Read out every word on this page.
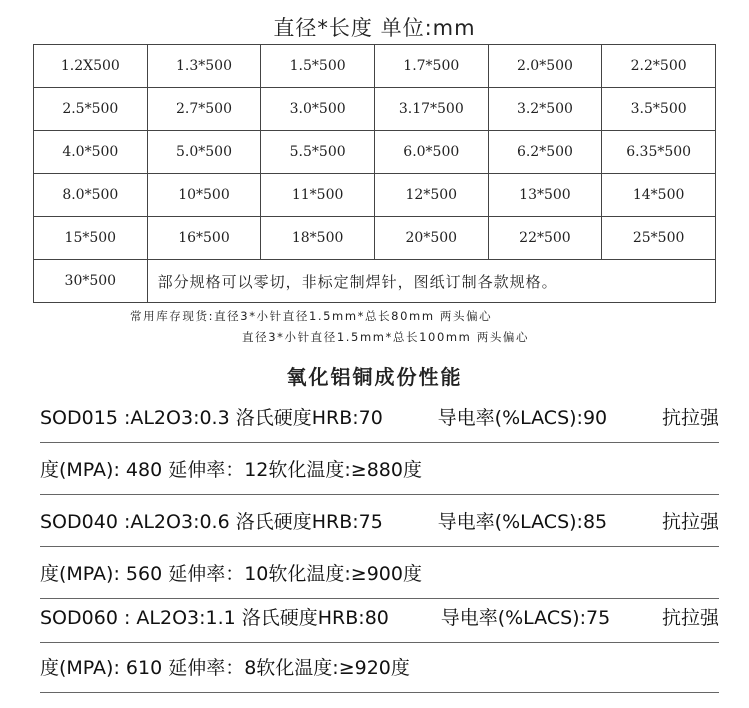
直径*长度 单位:mm
1.2X500	1.3*500	1.5*500	1.7*500	2.0*500	2.2*500
2.5*500	2.7*500	3.0*500	3.17*500	3.2*500	3.5*500
4.0*500	5.0*500	5.5*500	6.0*500	6.2*500	6.35*500
8.0*500	10*500	11*500	12*500	13*500	14*500
15*500	16*500	18*500	20*500	22*500	25*500
30*500	部分规格可以零切，非标定制焊针，图纸订制各款规格。				
常用库存现货:直径3*小针直径1.5mm*总长80mm 两头偏心
直径3*小针直径1.5mm*总长100mm 两头偏心
氧化铝铜成份性能
SOD015 :AL2O3:0.3 洛氏硬度HRB:70	导电率(%LACS):90	抗拉强
度(MPA): 480 延伸率：12软化温度:≥880度
SOD040 :AL2O3:0.6 洛氏硬度HRB:75	导电率(%LACS):85	抗拉强
度(MPA): 560 延伸率：10软化温度:≥900度
SOD060 : AL2O3:1.1 洛氏硬度HRB:80	导电率(%LACS):75	抗拉强
度(MPA): 610 延伸率：8软化温度:≥920度
